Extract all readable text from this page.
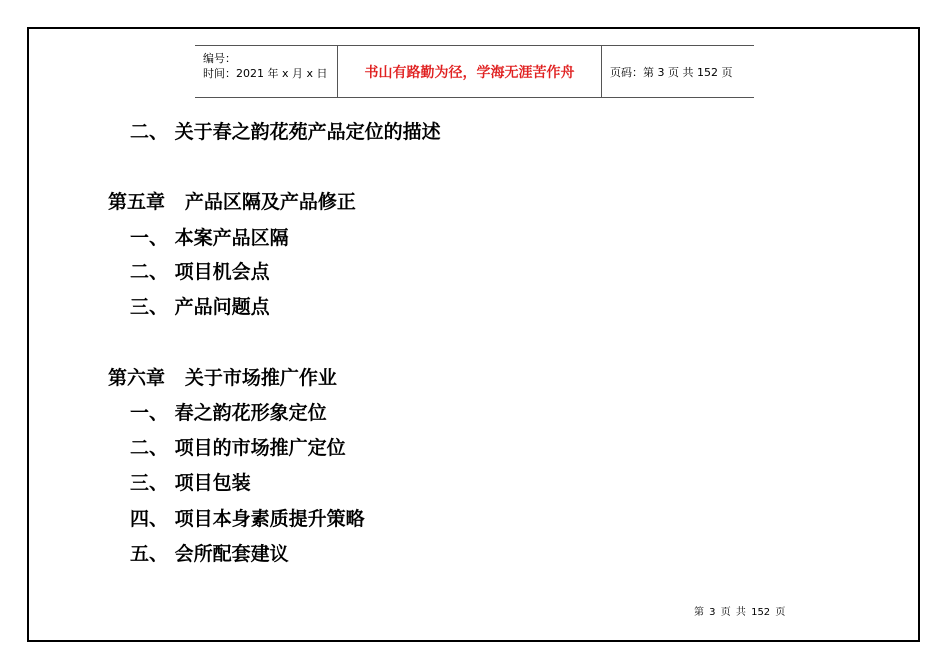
编号：
时间：2021 年 x 月 x 日	书山有路勤为径，学海无涯苦作舟	页码：第 3 页 共 152 页
二、 关于春之韵花苑产品定位的描述
第五章   产品区隔及产品修正
一、 本案产品区隔
二、 项目机会点
三、 产品问题点
第六章   关于市场推广作业
一、 春之韵花形象定位
二、 项目的市场推广定位
三、 项目包装
四、 项目本身素质提升策略
五、 会所配套建议
第 3 页 共 152 页
